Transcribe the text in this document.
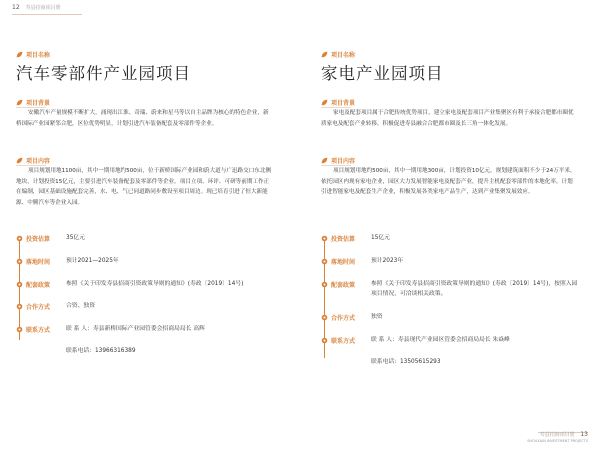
12 寿县招商项目册
寿县招商项目册 13
SHOUXIAN INVESTMENT PROJECTS
项目名称
汽车零部件产业园项目
项目背景
安徽汽车产量规模不断扩大，涌现出江淮、奇瑞、蔚来和星马等以自主品牌为核心的特色企业，新桥国际产业园紧邻合肥，区位优势明显，计划引进汽车装备配套及零部件等企业。
项目内容
项目规划用地1100亩，其中一期用地约500亩，位于新桥国际产业园和蔚大道与广迅路交口东北侧地块，计划投资15亿元，主要引进汽车装备配套及零部件等企业。项目立项、环评、可研等前期工作正在编制，园区基础设施配套完善，水、电、气已同道路同步敷设至项目周边。现已培育引进了恒大新能源、中腾汽车等企业入园。
投资估算	35亿元
落地时间	预计2021—2025年
配套政策	参照《关于印发寿县招商引资政策导则的通知》(寿政〔2019〕14号)
合作方式	合资、独资
联系方式	联 系 人：寿县新桥国际产业园管委会招商局局长 高辉
联系电话：13966316389
项目名称
家电产业园项目
项目背景
家电及配套项目属于合肥传统优势项目，建立家电及配套项目产业集聚区有利于承接合肥都市圈优质家电及配套产业转移，积极促进寿县融合合肥都市圈及长三角一体化发展。
项目内容
项目规划用地约500亩，其中一期用地300亩，计划投资10亿元，规划建筑面积不少于24万平米，依托园区内现有家电企业，园区大力发展智能家电及配套产业，提升主机配套零部件的本地化率，计划引进智能家电及配套生产企业，积极发展各类家电产品生产，达到产业集聚发展效应。
投资估算	15亿元
落地时间	预计2023年
配套政策	参照《关于印发寿县招商引资政策导则的通知》(寿政〔2019〕14号)，按照入园项目情况，可洽谈相关政策。
合作方式	独资
联系方式	联 系 人：寿县现代产业园区管委会招商局局长 朱焱峰
联系电话：13505615293
